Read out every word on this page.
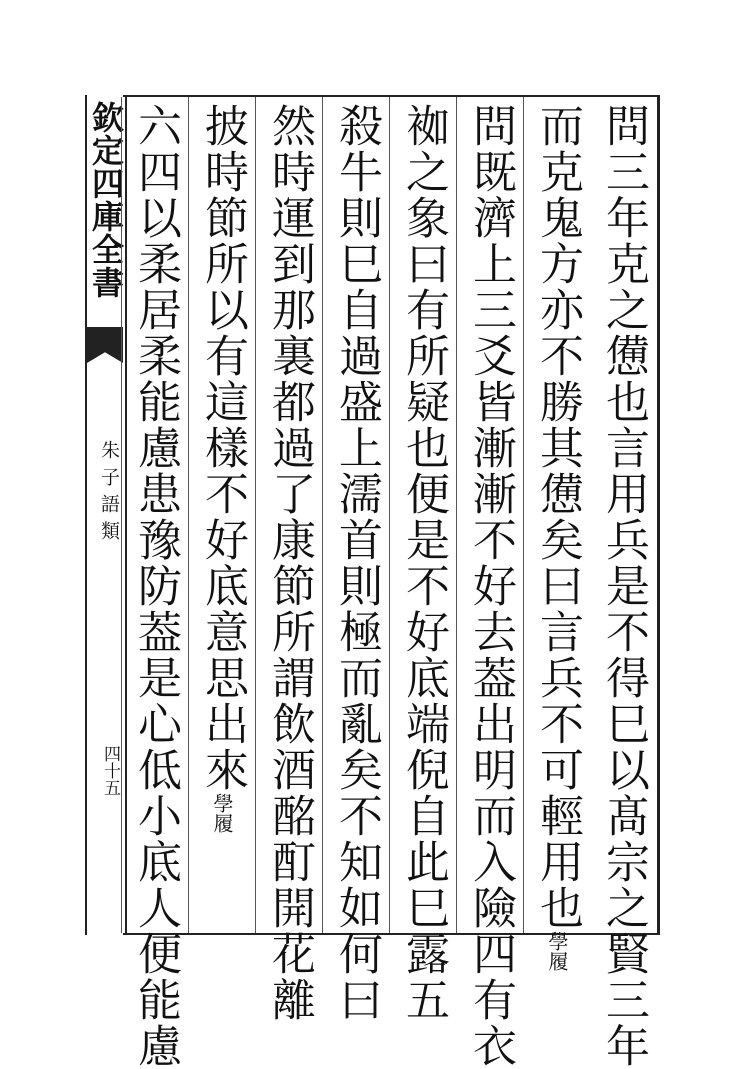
欽定四庫全書
朱子語類
四十五	問三年克之憊也言用兵是不得巳以髙宗之賢三年
而克鬼方亦不勝其憊矣曰言兵不可輕用也學履
問既濟上三爻皆漸漸不好去葢出明而入險四有衣
袽之象曰有所疑也便是不好底端倪自此巳露五
殺牛則巳自過盛上濡首則極而亂矣不知如何曰
然時運到那裏都過了康節所謂飲酒酩酊開花離
披時節所以有這樣不好底意思出來學履
六四以柔居柔能慮患豫防葢是心低小底人便能慮
